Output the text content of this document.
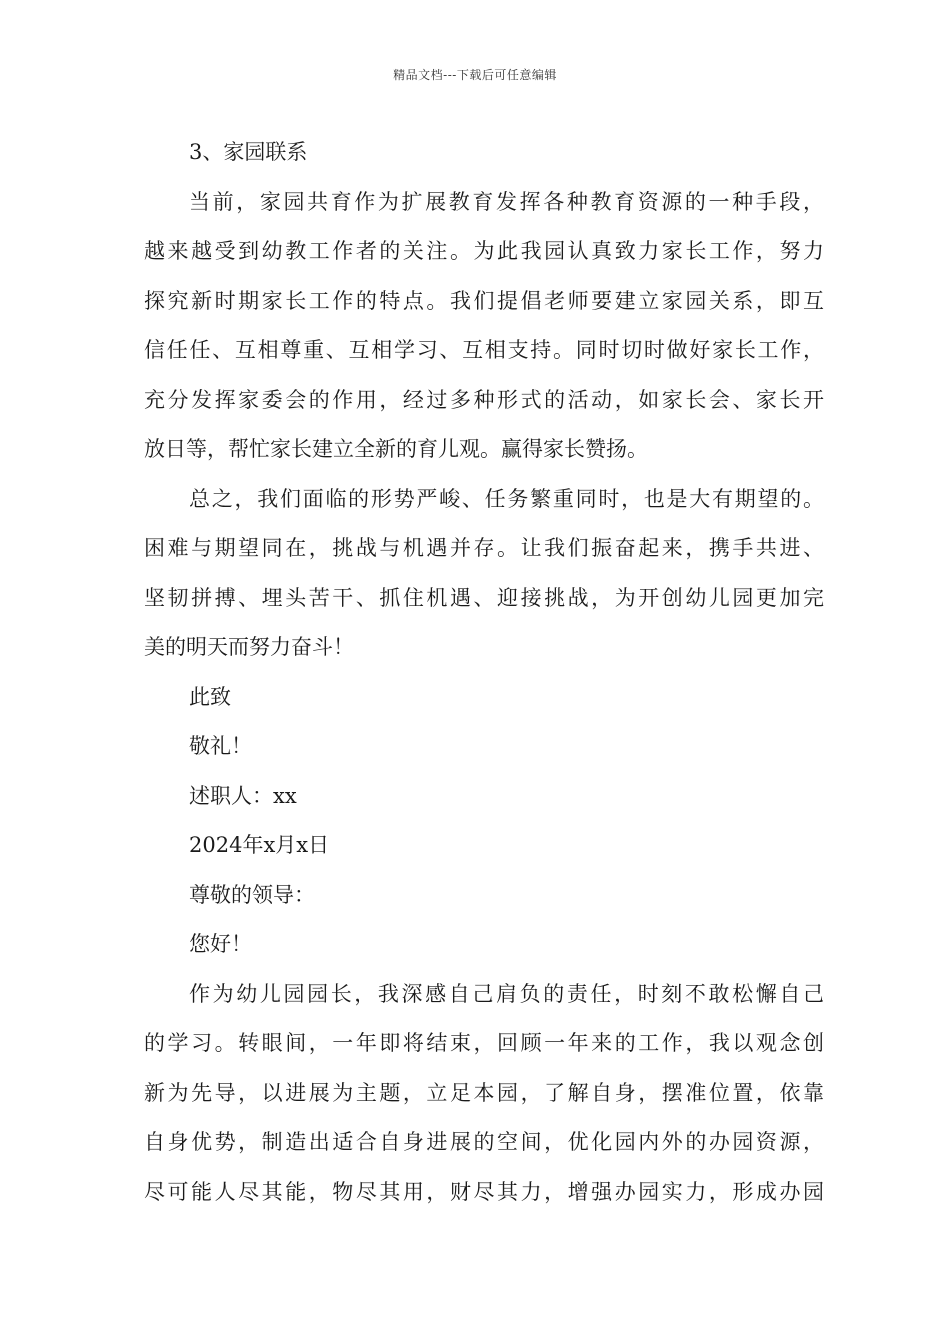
精品文档---下载后可任意编辑
3、家园联系
当前，家园共育作为扩展教育发挥各种教育资源的一种手段，
越来越受到幼教工作者的关注。为此我园认真致力家长工作，努力
探究新时期家长工作的特点。我们提倡老师要建立家园关系，即互
信任任、互相尊重、互相学习、互相支持。同时切时做好家长工作，
充分发挥家委会的作用，经过多种形式的活动，如家长会、家长开
放日等，帮忙家长建立全新的育儿观。赢得家长赞扬。
总之，我们面临的形势严峻、任务繁重同时，也是大有期望的。
困难与期望同在，挑战与机遇并存。让我们振奋起来，携手共进、
坚韧拼搏、埋头苦干、抓住机遇、迎接挑战，为开创幼儿园更加完
美的明天而努力奋斗！
此致
敬礼！
述职人：xx
2024年x月x日
尊敬的领导：
您好！
作为幼儿园园长，我深感自己肩负的责任，时刻不敢松懈自己
的学习。转眼间，一年即将结束，回顾一年来的工作，我以观念创
新为先导，以进展为主题，立足本园，了解自身，摆准位置，依靠
自身优势，制造出适合自身进展的空间，优化园内外的办园资源，
尽可能人尽其能，物尽其用，财尽其力，增强办园实力，形成办园
